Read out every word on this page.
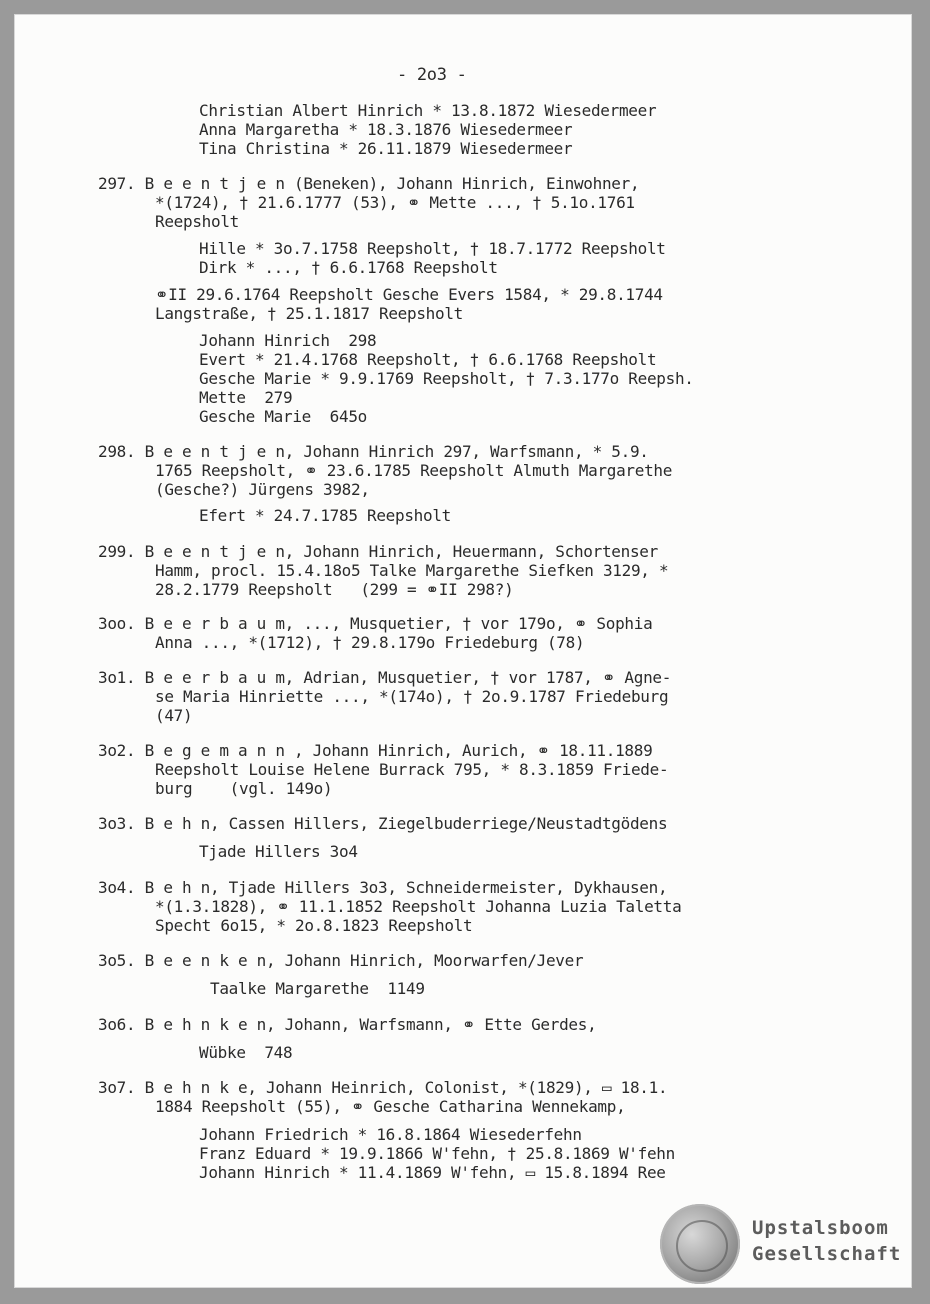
- 2o3 -
Christian Albert Hinrich * 13.8.1872 Wiesedermeer
Anna Margaretha * 18.3.1876 Wiesedermeer
Tina Christina * 26.11.1879 Wiesedermeer
297. B e e n t j e n (Beneken), Johann Hinrich, Einwohner,
*(1724), † 21.6.1777 (53), ⚭ Mette ..., † 5.1o.1761
Reepsholt
Hille * 3o.7.1758 Reepsholt, † 18.7.1772 Reepsholt
Dirk * ..., † 6.6.1768 Reepsholt
⚭II 29.6.1764 Reepsholt Gesche Evers 1584, * 29.8.1744
Langstraße, † 25.1.1817 Reepsholt
Johann Hinrich  298
Evert * 21.4.1768 Reepsholt, † 6.6.1768 Reepsholt
Gesche Marie * 9.9.1769 Reepsholt, † 7.3.177o Reepsh.
Mette  279
Gesche Marie  645o
298. B e e n t j e n, Johann Hinrich 297, Warfsmann, * 5.9.
1765 Reepsholt, ⚭ 23.6.1785 Reepsholt Almuth Margarethe
(Gesche?) Jürgens 3982,
Efert * 24.7.1785 Reepsholt
299. B e e n t j e n, Johann Hinrich, Heuermann, Schortenser
Hamm, procl. 15.4.18o5 Talke Margarethe Siefken 3129, *
28.2.1779 Reepsholt   (299 = ⚭II 298?)
3oo. B e e r b a u m, ..., Musquetier, † vor 179o, ⚭ Sophia
Anna ..., *(1712), † 29.8.179o Friedeburg (78)
3o1. B e e r b a u m, Adrian, Musquetier, † vor 1787, ⚭ Agne-
se Maria Hinriette ..., *(174o), † 2o.9.1787 Friedeburg
(47)
3o2. B e g e m a n n , Johann Hinrich, Aurich, ⚭ 18.11.1889
Reepsholt Louise Helene Burrack 795, * 8.3.1859 Friede-
burg    (vgl. 149o)
3o3. B e h n, Cassen Hillers, Ziegelbuderriege/Neustadtgödens
Tjade Hillers 3o4
3o4. B e h n, Tjade Hillers 3o3, Schneidermeister, Dykhausen,
*(1.3.1828), ⚭ 11.1.1852 Reepsholt Johanna Luzia Taletta
Specht 6o15, * 2o.8.1823 Reepsholt
3o5. B e e n k e n, Johann Hinrich, Moorwarfen/Jever
Taalke Margarethe  1149
3o6. B e h n k e n, Johann, Warfsmann, ⚭ Ette Gerdes,
Wübke  748
3o7. B e h n k e, Johann Heinrich, Colonist, *(1829), ▭ 18.1.
1884 Reepsholt (55), ⚭ Gesche Catharina Wennekamp,
Johann Friedrich * 16.8.1864 Wiesederfehn
Franz Eduard * 19.9.1866 W'fehn, † 25.8.1869 W'fehn
Johann Hinrich * 11.4.1869 W'fehn, ▭ 15.8.1894 Ree
Upstalsboom
Gesellschaft
